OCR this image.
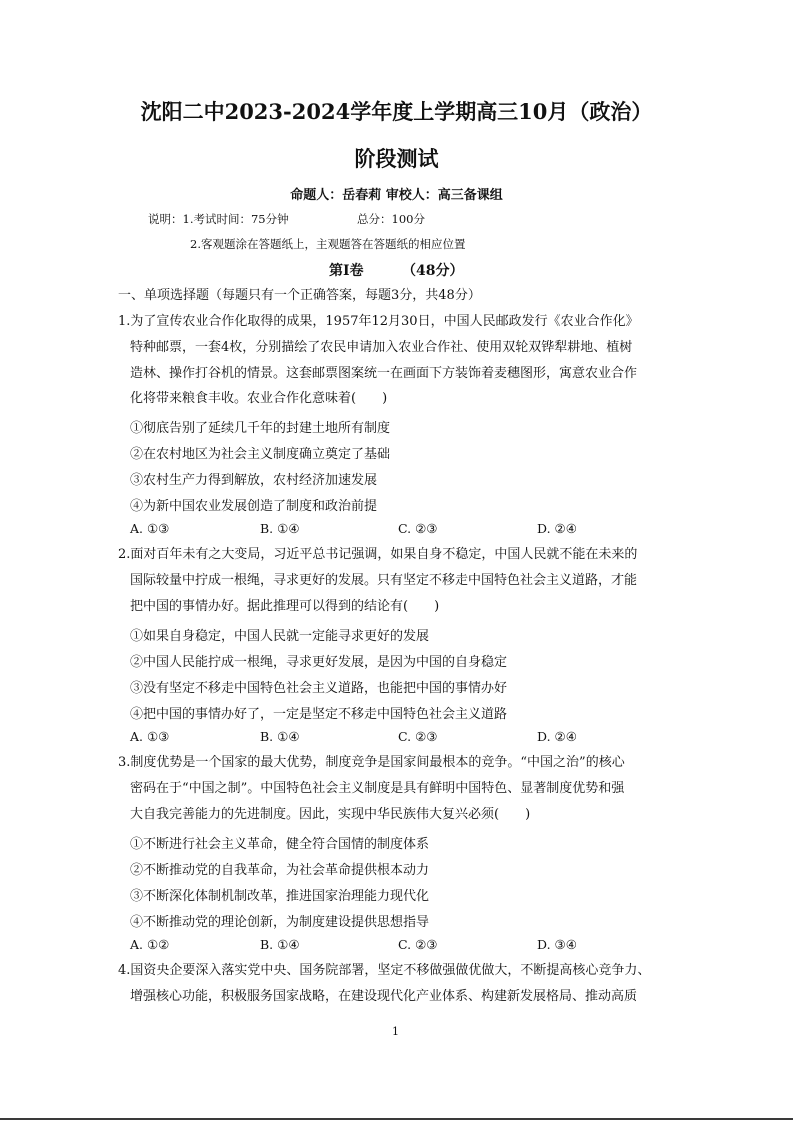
沈阳二中2023-2024学年度上学期高三10月（政治）
阶段测试
命题人：岳春莉 审校人：高三备课组
说明：1.考试时间：75分钟	总分：100分
2.客观题涂在答题纸上，主观题答在答题纸的相应位置
第Ⅰ卷	（48分）
一、单项选择题（每题只有一个正确答案，每题3分，共48分）
1.为了宣传农业合作化取得的成果，1957年12月30日，中国人民邮政发行《农业合作化》
特种邮票，一套4枚，分别描绘了农民申请加入农业合作社、使用双轮双铧犁耕地、植树
造林、操作打谷机的情景。这套邮票图案统一在画面下方装饰着麦穗图形，寓意农业合作
化将带来粮食丰收。农业合作化意味着(　　)
①彻底告别了延续几千年的封建土地所有制度
②在农村地区为社会主义制度确立奠定了基础
③农村生产力得到解放，农村经济加速发展
④为新中国农业发展创造了制度和政治前提
A. ①③	B. ①④	C. ②③	D. ②④
2.面对百年未有之大变局，习近平总书记强调，如果自身不稳定，中国人民就不能在未来的
国际较量中拧成一根绳，寻求更好的发展。只有坚定不移走中国特色社会主义道路，才能
把中国的事情办好。据此推理可以得到的结论有(　　)
①如果自身稳定，中国人民就一定能寻求更好的发展
②中国人民能拧成一根绳，寻求更好发展，是因为中国的自身稳定
③没有坚定不移走中国特色社会主义道路，也能把中国的事情办好
④把中国的事情办好了，一定是坚定不移走中国特色社会主义道路
A. ①③	B. ①④	C. ②③	D. ②④
3.制度优势是一个国家的最大优势，制度竞争是国家间最根本的竞争。“中国之治”的核心
密码在于“中国之制”。中国特色社会主义制度是具有鲜明中国特色、显著制度优势和强
大自我完善能力的先进制度。因此，实现中华民族伟大复兴必须(　　)
①不断进行社会主义革命，健全符合国情的制度体系
②不断推动党的自我革命，为社会革命提供根本动力
③不断深化体制机制改革，推进国家治理能力现代化
④不断推动党的理论创新，为制度建设提供思想指导
A. ①②	B. ①④	C. ②③	D. ③④
4.国资央企要深入落实党中央、国务院部署，坚定不移做强做优做大，不断提高核心竞争力、
增强核心功能，积极服务国家战略，在建设现代化产业体系、构建新发展格局、推动高质
1
